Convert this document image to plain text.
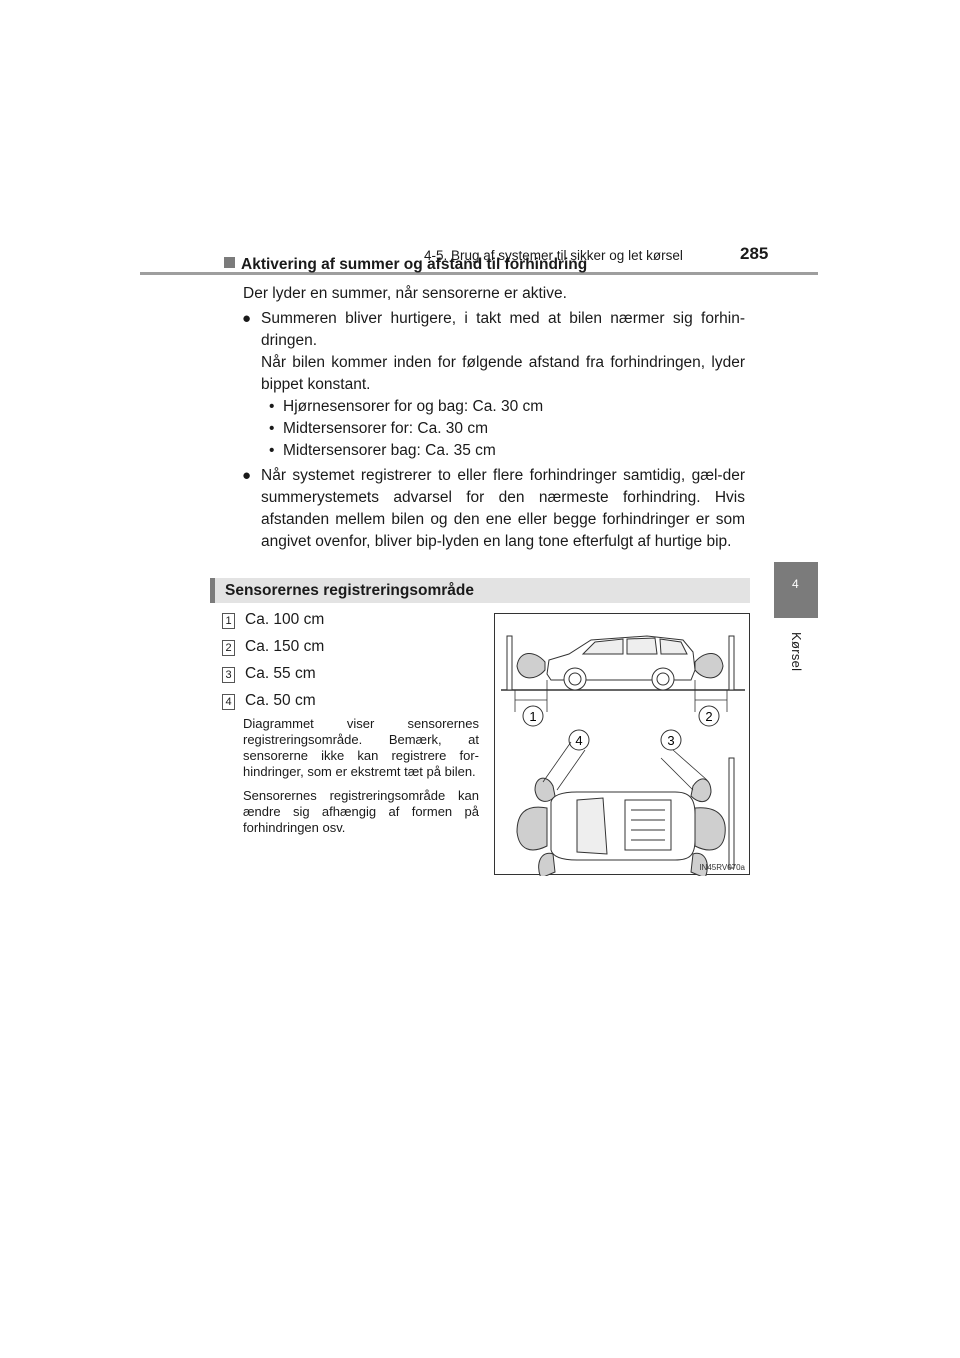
4-5. Brug af systemer til sikker og let kørsel	285
4
Kørsel
Aktivering af summer og afstand til forhindring

Der lyder en summer, når sensorerne er aktive.

● Summeren bliver hurtigere, i takt med at bilen nærmer sig forhin-dringen.

Når bilen kommer inden for følgende afstand fra forhindringen, lyder bippet konstant.

• Hjørnesensorer for og bag: Ca. 30 cm
• Midtersensorer for: Ca. 30 cm
• Midtersensorer bag: Ca. 35 cm
● Når systemet registrerer to eller flere forhindringer samtidig, gæl-der summerystemets advarsel for den nærmeste forhindring. Hvis afstanden mellem bilen og den ene eller begge forhindringer er som angivet ovenfor, bliver bip-lyden en lang tone efterfulgt af hurtige bip.

Sensorernes registreringsområde
1 Ca. 100 cm
2 Ca. 150 cm
3 Ca. 55 cm
4 Ca. 50 cm

Diagrammet viser sensorernes registreringsområde. Bemærk, at sensorerne ikke kan registrere for-hindringer, som er ekstremt tæt på bilen.

Sensorernes registreringsområde kan ændre sig afhængig af formen på forhindringen osv.

1	2
4	3
IN45RV070a
